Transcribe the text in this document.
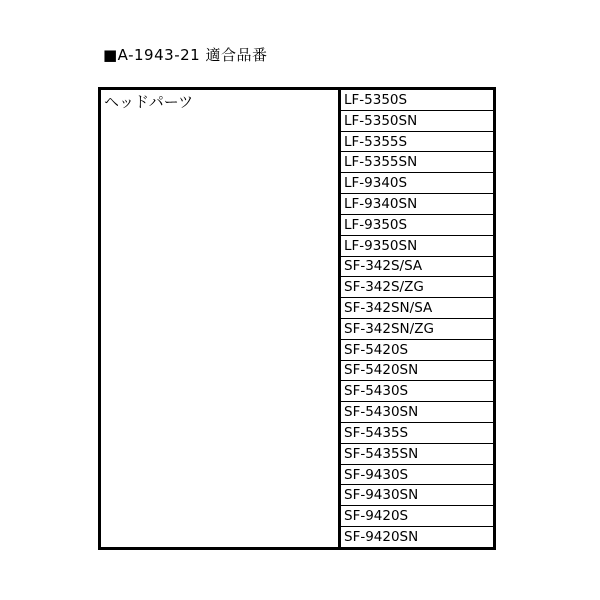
■A-1943-21 適合品番
ヘッドパーツ	LF-5350S
LF-5350SN
LF-5355S
LF-5355SN
LF-9340S
LF-9340SN
LF-9350S
LF-9350SN
SF-342S/SA
SF-342S/ZG
SF-342SN/SA
SF-342SN/ZG
SF-5420S
SF-5420SN
SF-5430S
SF-5430SN
SF-5435S
SF-5435SN
SF-9430S
SF-9430SN
SF-9420S
SF-9420SN
